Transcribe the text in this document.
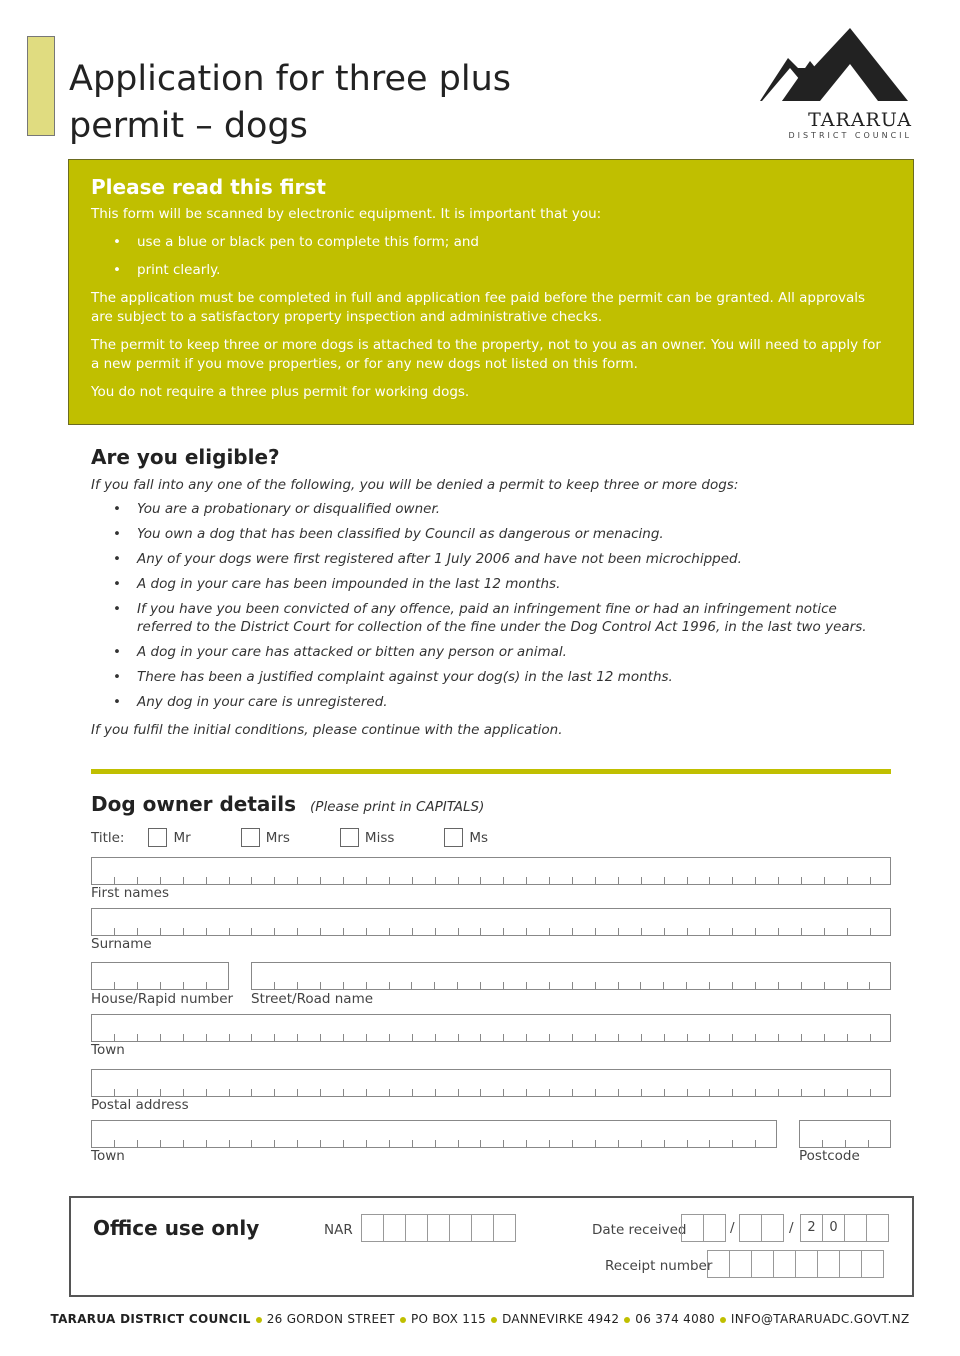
Application for three plus
permit – dogs	TARARUA
DISTRICT COUNCIL
Please read this first

This form will be scanned by electronic equipment. It is important that you:

• use a blue or black pen to complete this form; and
• print clearly.

The application must be completed in full and application fee paid before the permit can be granted. All approvals are subject to a satisfactory property inspection and administrative checks.

The permit to keep three or more dogs is attached to the property, not to you as an owner. You will need to apply for a new permit if you move properties, or for any new dogs not listed on this form.

You do not require a three plus permit for working dogs.

Are you eligible?

If you fall into any one of the following, you will be denied a permit to keep three or more dogs:

• You are a probationary or disqualified owner.
• You own a dog that has been classified by Council as dangerous or menacing.
• Any of your dogs were first registered after 1 July 2006 and have not been microchipped.
• A dog in your care has been impounded in the last 12 months.
• If you have you been convicted of any offence, paid an infringement fine or had an infringement notice referred to the District Court for collection of the fine under the Dog Control Act 1996, in the last two years.
• A dog in your care has attacked or bitten any person or animal.
• There has been a justified complaint against your dog(s) in the last 12 months.
• Any dog in your care is unregistered.

If you fulfil the initial conditions, please continue with the application.

Dog owner details (Please print in CAPITALS)
Title:	Mr	Mrs	Miss	Ms
First names
Surname
House/Rapid number Street/Road name
Town
Postal address
Town	Postcode
Office use only	NAR	Date received	/	/	2	0
Receipt number
TARARUA DISTRICT COUNCIL 26 GORDON STREET PO BOX 115 DANNEVIRKE 4942 06 374 4080 INFO@TARARUADC.GOVT.NZ
